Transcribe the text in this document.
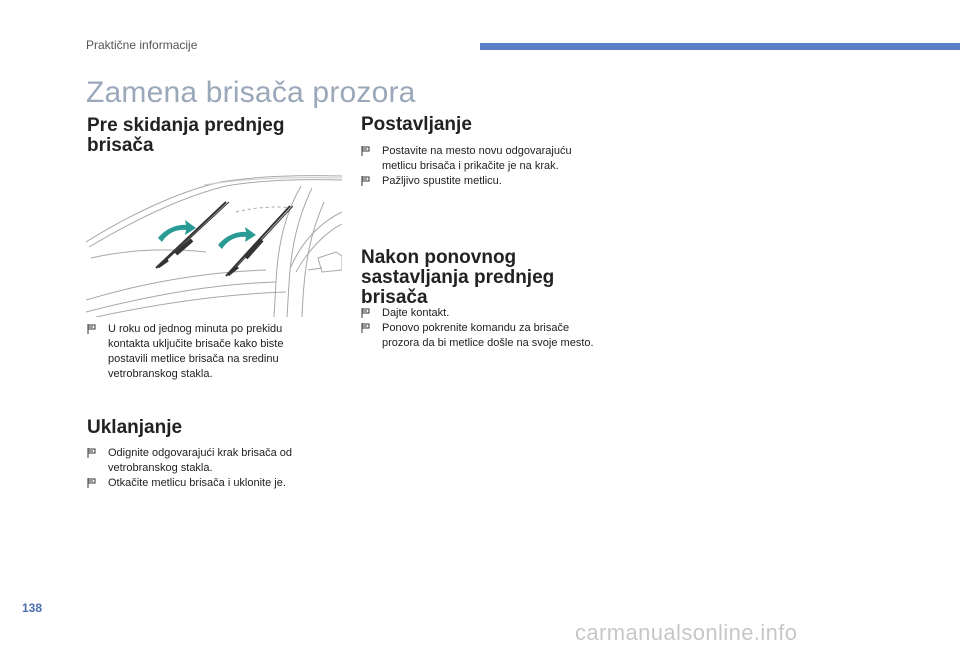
Praktične informacije
Zamena brisača prozora

Pre skidanja prednjeg
brisača

U roku od jednog minuta po prekidu
kontakta uključite brisače kako biste
postavili metlice brisača na sredinu
vetrobranskog stakla.

Uklanjanje

Odignite odgovarajući krak brisača od
vetrobranskog stakla.
Otkačite metlicu brisača i uklonite je.

Postavljanje

Postavite na mesto novu odgovarajuću
metlicu brisača i prikačite je na krak.
Pažljivo spustite metlicu.

Nakon ponovnog
sastavljanja prednjeg
brisača

Dajte kontakt.
Ponovo pokrenite komandu za brisače
prozora da bi metlice došle na svoje mesto.
138
carmanualsonline.info
